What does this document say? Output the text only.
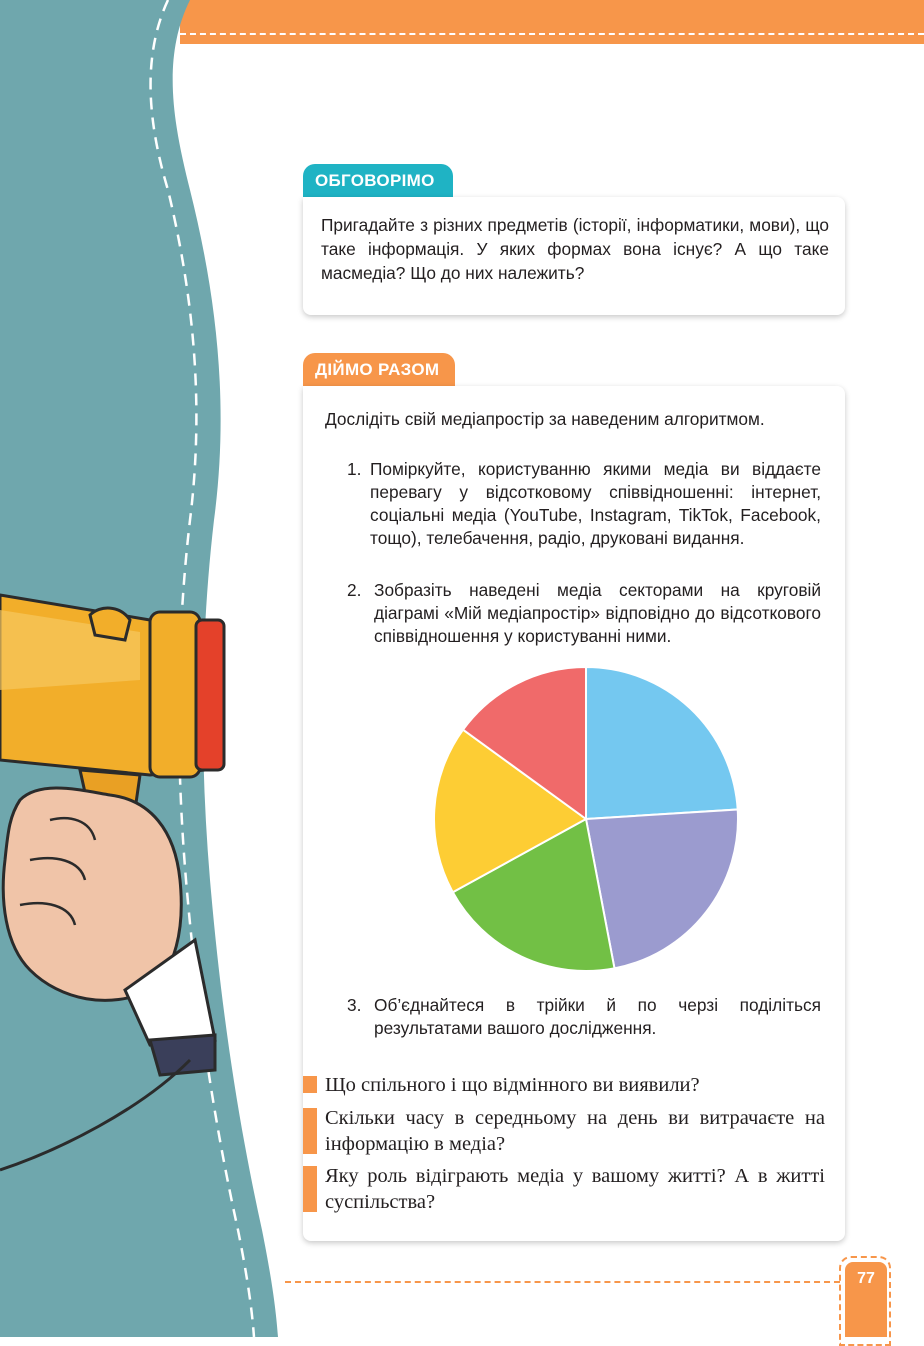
ОБГОВОРІМО

Пригадайте з різних предметів (історії, інформатики, мови), що таке інформація. У яких формах вона існує? А що таке масмедіа? Що до них належить?

ДІЙМО РАЗОМ

Дослідіть свій медіапростір за наведеним алгоритмом.

1. Поміркуйте, користуванню якими медіа ви віддаєте перевагу у відсотковому співвідношенні: інтернет, соціальні медіа (YouTube, Instagram, TikTok, Facebook, тощо), телебачення, радіо, друковані видання.
2. Зобразіть наведені медіа секторами на круговій діаграмі «Мій медіапростір» відповідно до відсоткового співвідношення у користуванні ними.
3. Об’єднайтеся в трійки й по черзі поділіться результатами вашого дослідження.
Що спільного і що відмінного ви виявили?
Скільки часу в середньому на день ви витрачаєте на інформацію в медіа?
Яку роль відіграють медіа у вашому житті? А в житті суспільства?
77
